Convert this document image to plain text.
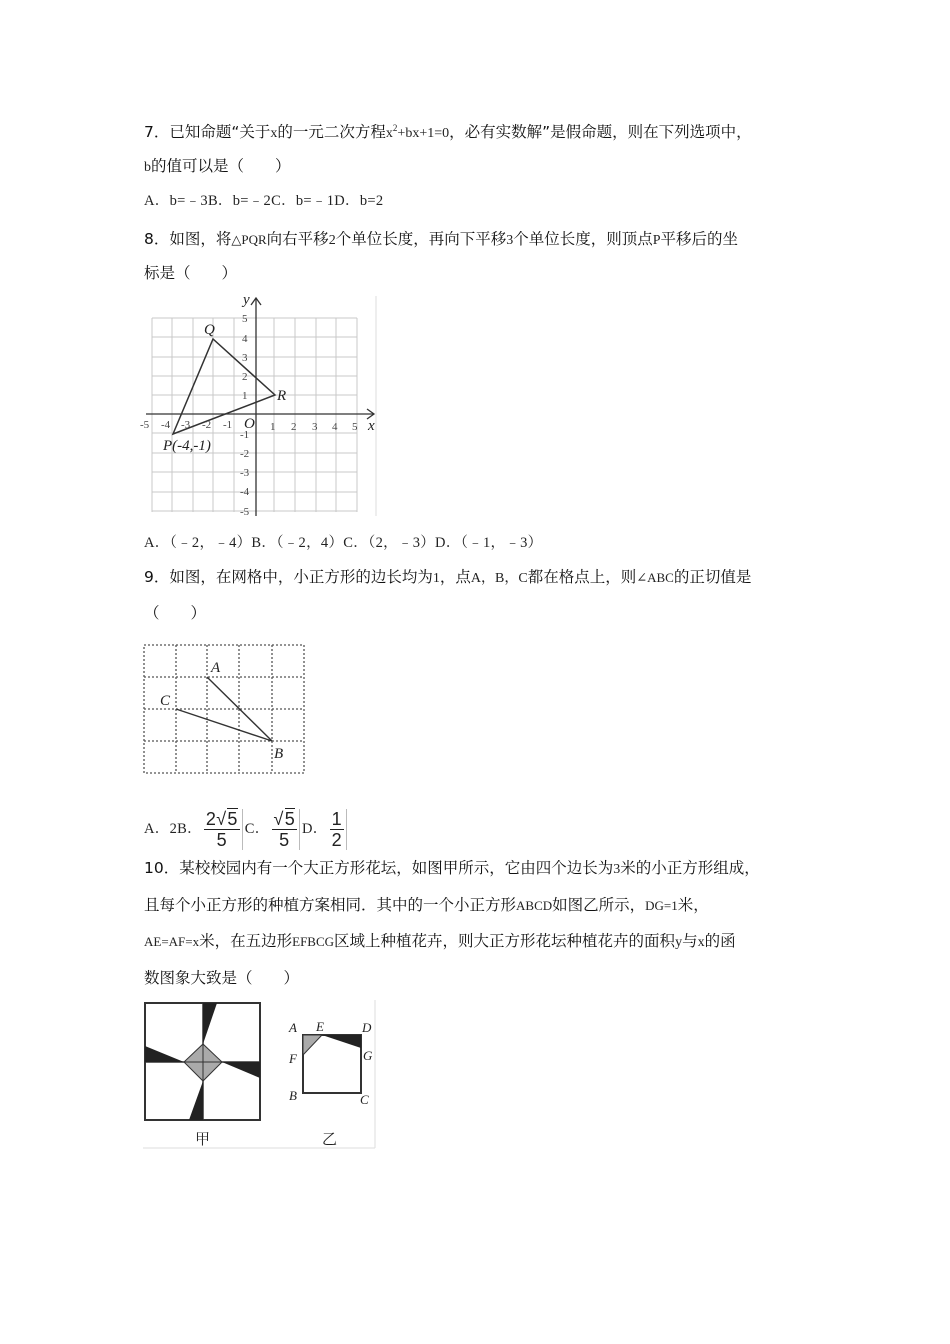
7．已知命题“关于x的一元二次方程$x^2+bx+1=0$，必有实数解”是假命题，则在下列选项中，
b的值可以是（　　）
A．b=﹣3B．b=﹣2C．b=﹣1D．b=2
8．如图，将△PQR向右平移2个单位长度，再向下平移3个单位长度，则顶点P平移后的坐
标是（　　）
-5 -4 -3 -2 -1	1 2 3 4 5
5
4
3
2
1
-1
-2
-3
-4
-5
y
x
O
Q
R
P(-4,-1)
A．（﹣2，﹣4）B．（﹣2，4）C．（2，﹣3）D．（﹣1，﹣3）
9．如图，在网格中，小正方形的边长均为1，点A，B，C都在格点上，则∠ABC的正切值是
（　　）
A
C
B
A．2B． $\frac{2√5}{5}$ C． $\frac{√5}{5}$ D． $\frac{1}{2}$
10．某校校园内有一个大正方形花坛，如图甲所示，它由四个边长为3米的小正方形组成，
且每个小正方形的种植方案相同．其中的一个小正方形ABCD如图乙所示，DG=1米，
AE=AF=x米，在五边形EFBCG区域上种植花卉，则大正方形花坛种植花卉的面积y与x的函
数图象大致是（　　）
A E	D
F	G
B	C
甲	乙
